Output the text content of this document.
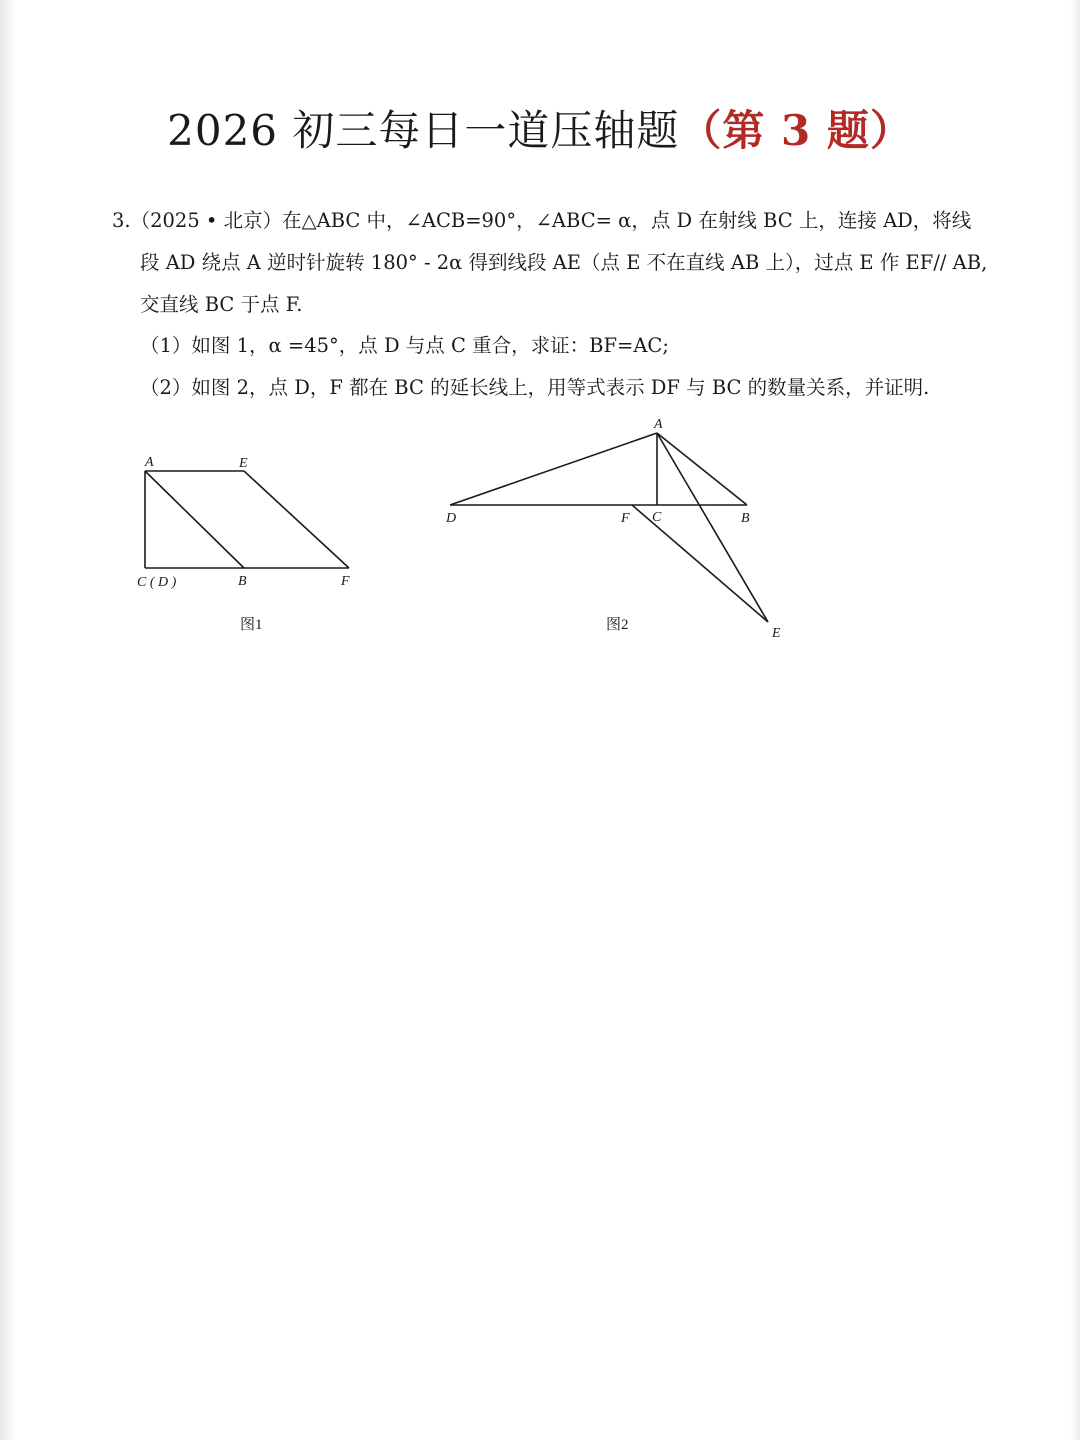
2026 初三每日一道压轴题（第 3 题）
3.（2025 • 北京）在△ABC 中，∠ACB=90°，∠ABC= α，点 D 在射线 BC 上，连接 AD，将线
段 AD 绕点 A 逆时针旋转 180° - 2α 得到线段 AE（点 E 不在直线 AB 上），过点 E 作 EF// AB,
交直线 BC 于点 F.
（1）如图 1，α =45°，点 D 与点 C 重合，求证：BF=AC;
（2）如图 2，点 D，F 都在 BC 的延长线上，用等式表示 DF 与 BC 的数量关系，并证明.
A	E
C ( D )	B	F
图1
A
D	F C	B
E
图2
